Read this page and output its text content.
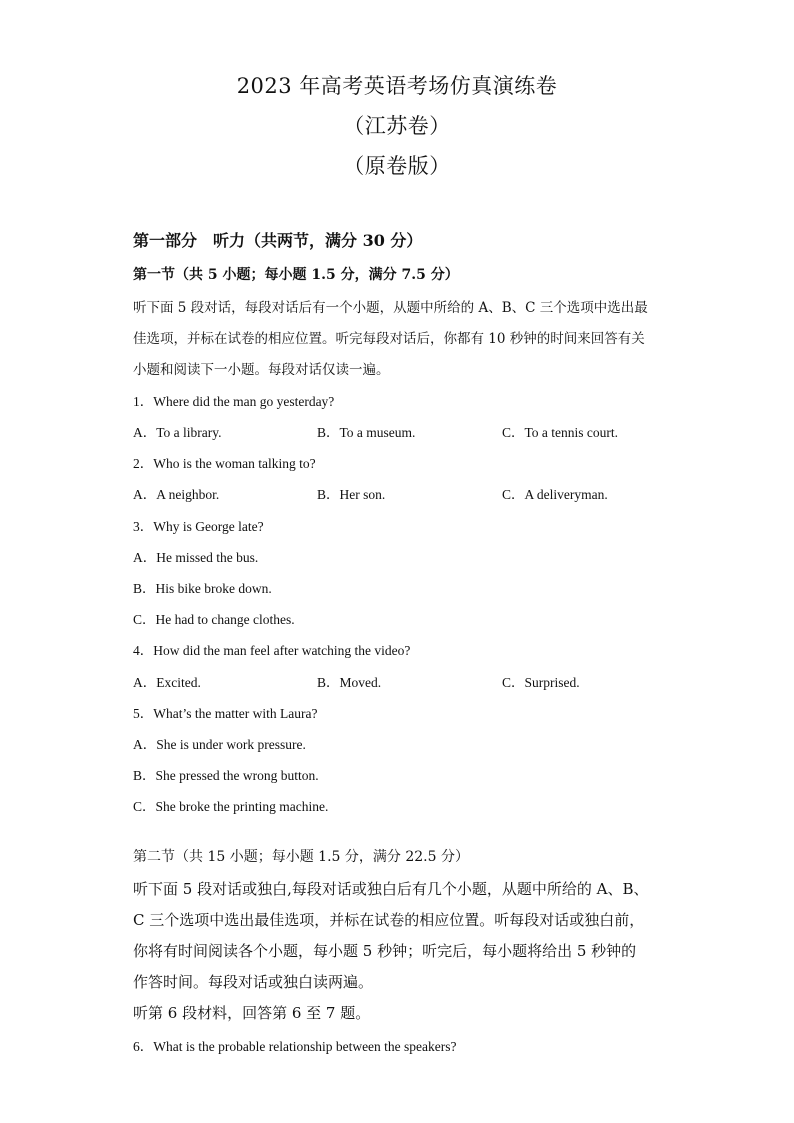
2023 年高考英语考场仿真演练卷
（江苏卷）
（原卷版）
第一部分　听力（共两节，满分 30 分）
第一节（共 5 小题；每小题 1.5 分，满分 7.5 分）
听下面 5 段对话，每段对话后有一个小题，从题中所给的 A、B、C 三个选项中选出最
佳选项，并标在试卷的相应位置。听完每段对话后，你都有 10 秒钟的时间来回答有关
小题和阅读下一小题。每段对话仅读一遍。
1．Where did the man go yesterday?
A．To a library.	B．To a museum.	C．To a tennis court.
2．Who is the woman talking to?
A．A neighbor.	B．Her son.	C．A deliveryman.
3．Why is George late?
A．He missed the bus.
B．His bike broke down.
C．He had to change clothes.
4．How did the man feel after watching the video?
A．Excited.	B．Moved.	C．Surprised.
5．What’s the matter with Laura?
A．She is under work pressure.
B．She pressed the wrong button.
C．She broke the printing machine.
第二节（共 15 小题；每小题 1.5 分，满分 22.5 分）
听下面 5 段对话或独白,每段对话或独白后有几个小题，从题中所给的 A、B、
C 三个选项中选出最佳选项，并标在试卷的相应位置。听每段对话或独白前，
你将有时间阅读各个小题，每小题 5 秒钟；听完后，每小题将给出 5 秒钟的
作答时间。每段对话或独白读两遍。
听第 6 段材料，回答第 6 至 7 题。
6．What is the probable relationship between the speakers?
